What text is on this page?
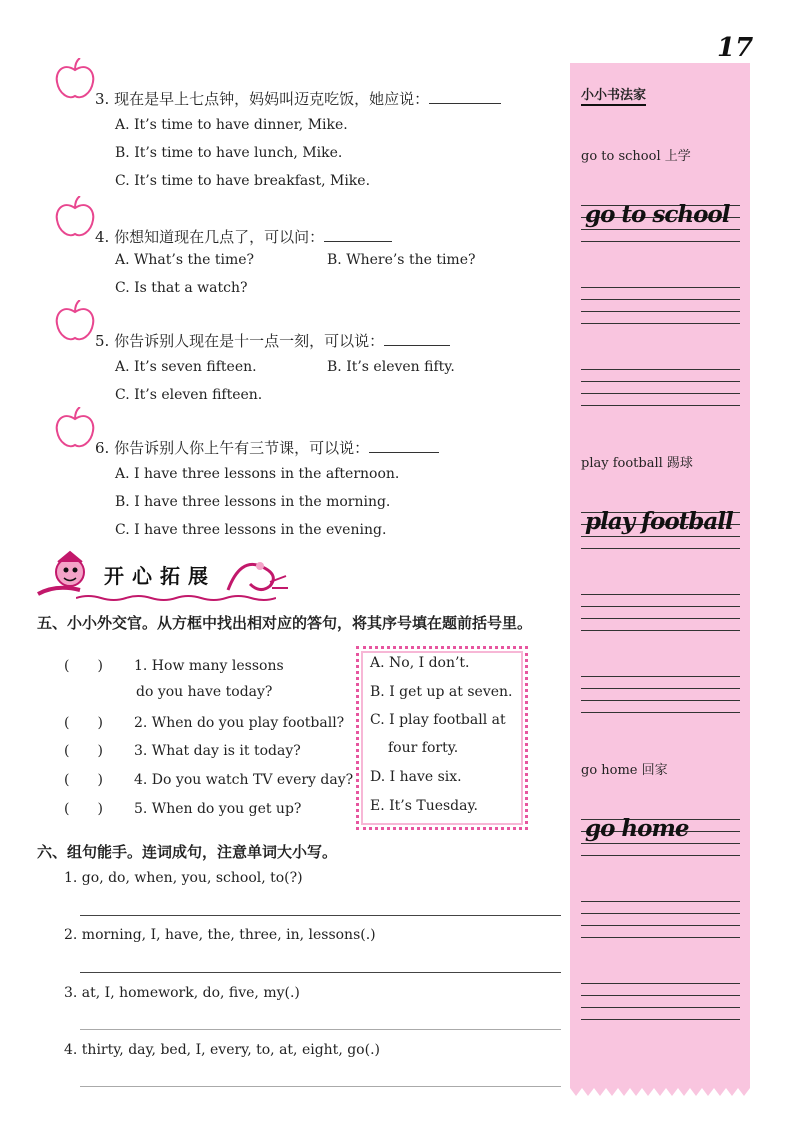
17
3. 现在是早上七点钟，妈妈叫迈克吃饭，她应说：
A. It’s time to have dinner, Mike.
B. It’s time to have lunch, Mike.
C. It’s time to have breakfast, Mike.
4. 你想知道现在几点了，可以问：
A. What’s the time?	B. Where’s the time?
C. Is that a watch?
5. 你告诉别人现在是十一点一刻，可以说：
A. It’s seven fifteen.	B. It’s eleven fifty.
C. It’s eleven fifteen.
6. 你告诉别人你上午有三节课，可以说：
A. I have three lessons in the afternoon.
B. I have three lessons in the morning.
C. I have three lessons in the evening.
开心拓展
五、小小外交官。从方框中找出相对应的答句，将其序号填在题前括号里。
(　　) 1. How many lessons
do you have today?
(　　) 2. When do you play football?
(　　) 3. What day is it today?
(　　) 4. Do you watch TV every day?
(　　) 5. When do you get up?
A. No, I don’t.
B. I get up at seven.
C. I play football at
four forty.
D. I have six.
E. It’s Tuesday.
六、组句能手。连词成句，注意单词大小写。
1. go, do, when, you, school, to(?)
2. morning, I, have, the, three, in, lessons(.)
3. at, I, homework, do, five, my(.)
4. thirty, day, bed, I, every, to, at, eight, go(.)
小小书法家
go to school 上学
go to school
play football 踢球
play football
go home 回家
go home
